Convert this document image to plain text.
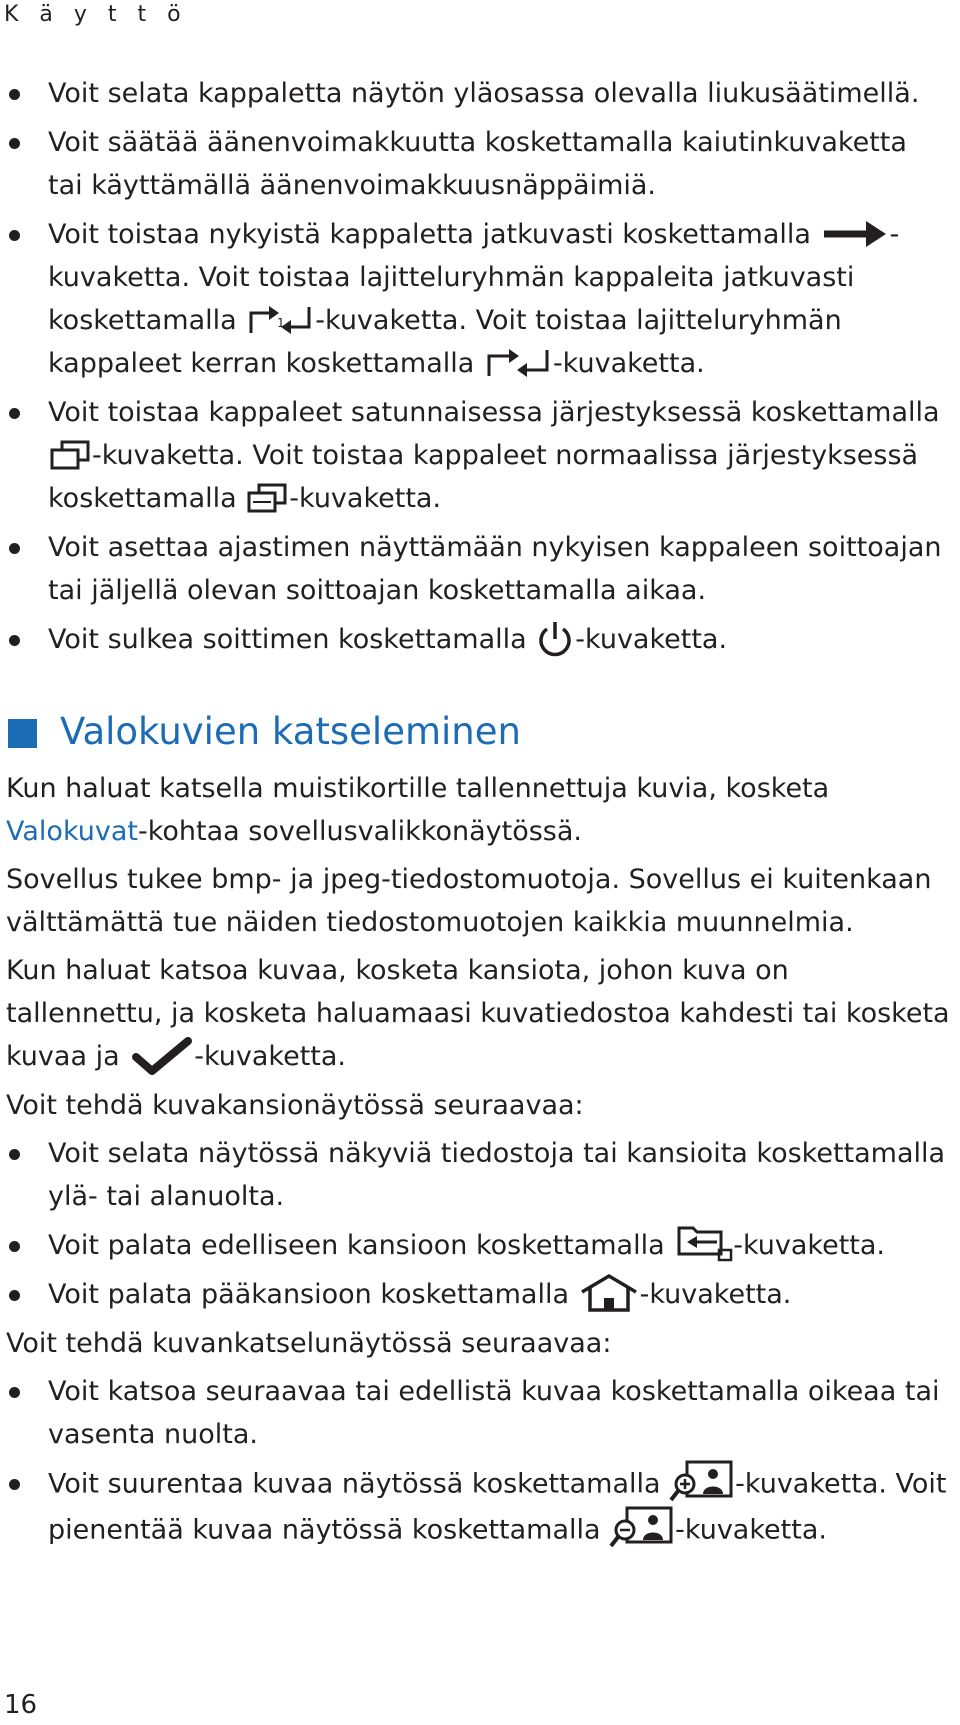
K ä y t t ö
Voit selata kappaletta näytön yläosassa olevalla liukusäätimellä.
Voit säätää äänenvoimakkuutta koskettamalla kaiutinkuvaketta tai käyttämällä äänenvoimakkuusnäppäimiä.
Voit toistaa nykyistä kappaletta jatkuvasti koskettamalla	-kuvaketta. Voit toistaa lajitteluryhmän kappaleita jatkuvasti koskettamalla	1 -kuvaketta. Voit toistaa lajitteluryhmän kappaleet kerran koskettamalla	-kuvaketta.
Voit toistaa kappaleet satunnaisessa järjestyksessä koskettamalla
-kuvaketta. Voit toistaa kappaleet normaalissa järjestyksessä koskettamalla -kuvaketta.
Voit asettaa ajastimen näyttämään nykyisen kappaleen soittoajan tai jäljellä olevan soittoajan koskettamalla aikaa.
Voit sulkea soittimen koskettamalla -kuvaketta.
Valokuvien katseleminen
Kun haluat katsella muistikortille tallennettuja kuvia, kosketa Valokuvat-kohtaa sovellusvalikkonäytössä.
Sovellus tukee bmp- ja jpeg-tiedostomuotoja. Sovellus ei kuitenkaan välttämättä tue näiden tiedostomuotojen kaikkia muunnelmia.
Kun haluat katsoa kuvaa, kosketa kansiota, johon kuva on tallennettu, ja kosketa haluamaasi kuvatiedostoa kahdesti tai kosketa kuvaa ja	-kuvaketta.
Voit tehdä kuvakansionäytössä seuraavaa:
Voit selata näytössä näkyviä tiedostoja tai kansioita koskettamalla ylä- tai alanuolta.
Voit palata edelliseen kansioon koskettamalla	-kuvaketta.
Voit palata pääkansioon koskettamalla	-kuvaketta.
Voit tehdä kuvankatselunäytössä seuraavaa:
Voit katsoa seuraavaa tai edellistä kuvaa koskettamalla oikeaa tai vasenta nuolta.
Voit suurentaa kuvaa näytössä koskettamalla	-kuvaketta. Voit pienentää kuvaa näytössä koskettamalla	-kuvaketta.
16
